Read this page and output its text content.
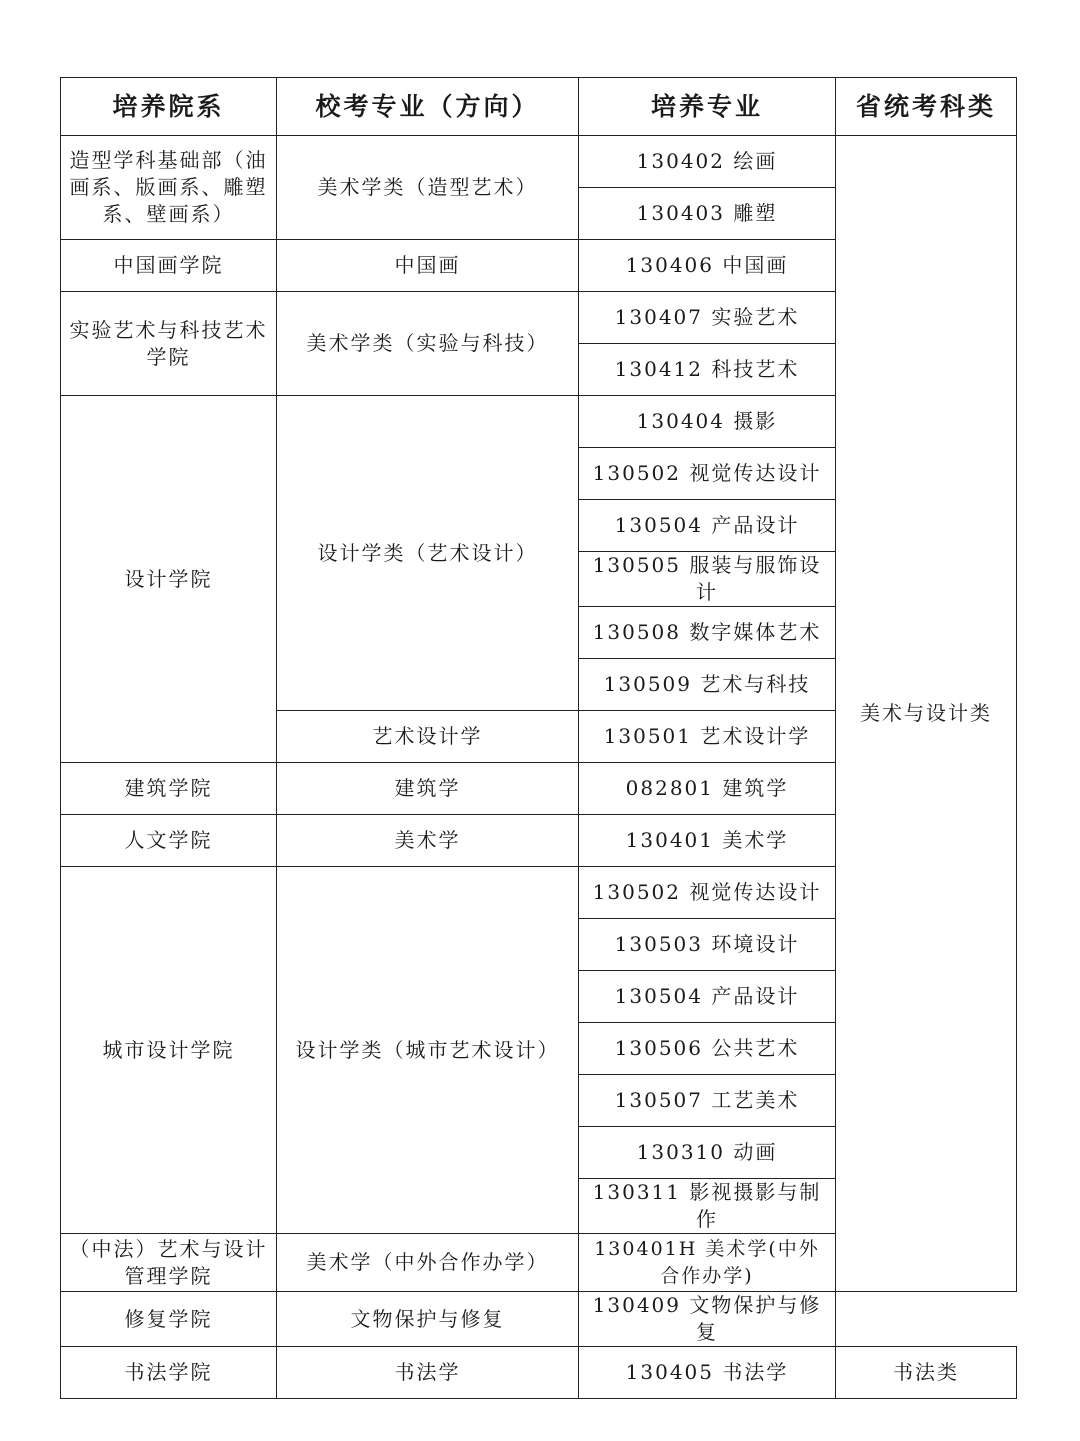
培养院系	校考专业（方向）	培养专业	省统考科类
造型学科基础部（油画系、版画系、雕塑系、壁画系）	美术学类（造型艺术）	130402 绘画	美术与设计类
		130403 雕塑	
中国画学院	中国画	130406 中国画	
实验艺术与科技艺术学院	美术学类（实验与科技）	130407 实验艺术	
		130412 科技艺术	
设计学院	设计学类（艺术设计）	130404 摄影	
		130502 视觉传达设计	
		130504 产品设计	
		130505 服装与服饰设计	
		130508 数字媒体艺术	
		130509 艺术与科技	
	艺术设计学	130501 艺术设计学	
建筑学院	建筑学	082801 建筑学	
人文学院	美术学	130401 美术学	
城市设计学院	设计学类（城市艺术设计）	130502 视觉传达设计	
		130503 环境设计	
		130504 产品设计	
		130506 公共艺术	
		130507 工艺美术	
		130310 动画	
		130311 影视摄影与制作	
（中法）艺术与设计管理学院	美术学（中外合作办学）	130401H 美术学(中外合作办学)	
修复学院	文物保护与修复	130409 文物保护与修复	
书法学院	书法学	130405 书法学	书法类
